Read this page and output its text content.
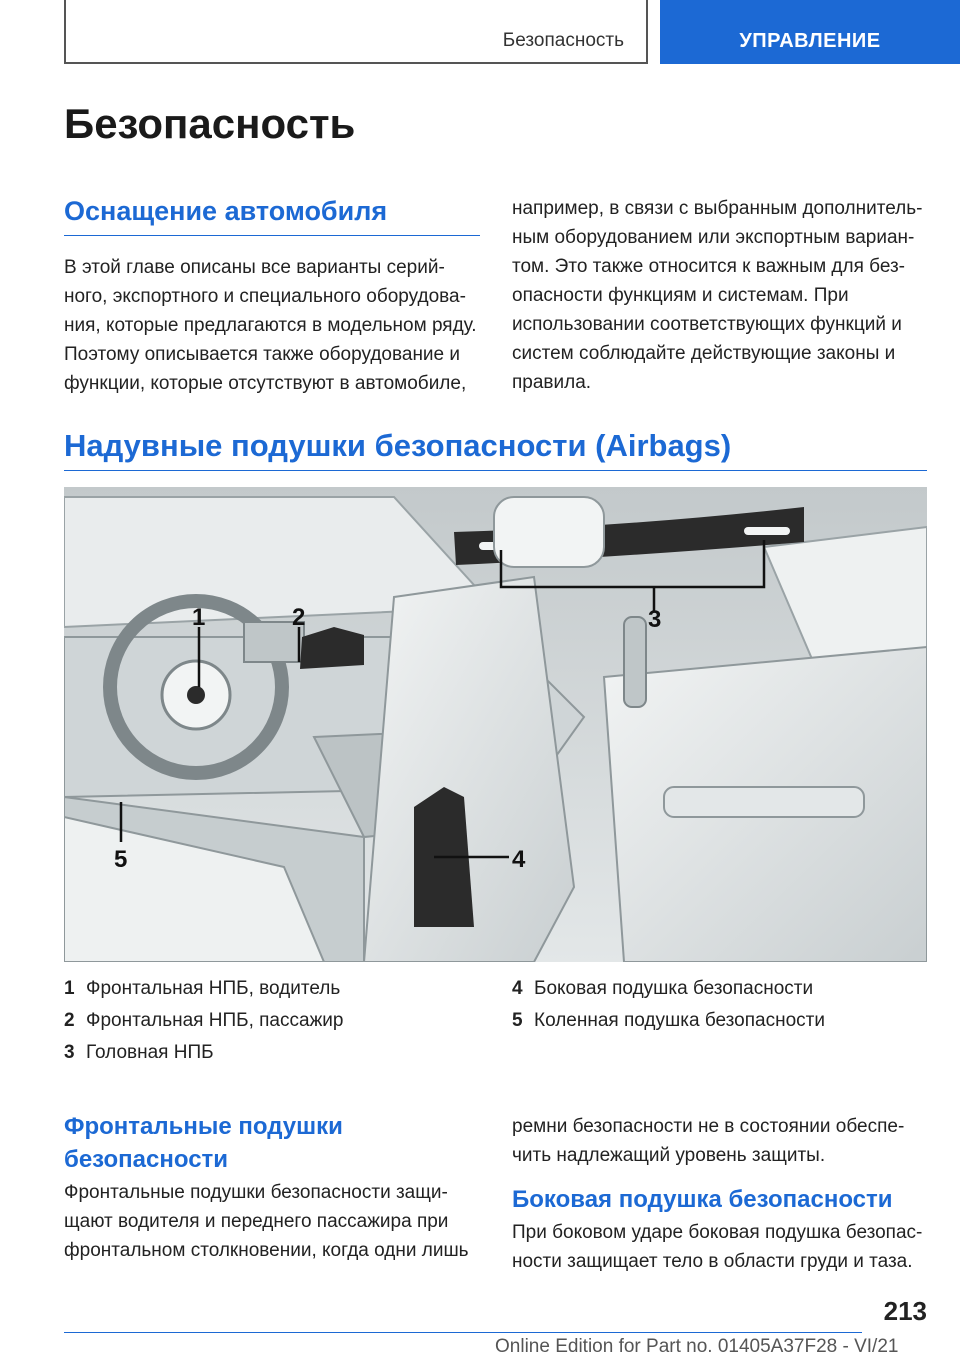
Безопасность	УПРАВЛЕНИЕ
Безопасность
Оснащение автомобиля

В этой главе описаны все варианты серий-ного, экспортного и специального оборудова-ния, которые предлагаются в модельном ряду. Поэтому описывается также оборудование и функции, которые отсутствуют в автомобиле,

например, в связи с выбранным дополнитель-ным оборудованием или экспортным вариан-том. Это также относится к важным для без-опасности функциям и системам. При использовании соответствующих функций и систем соблюдайте действующие законы и правила.

Надувные подушки безопасности (Airbags)
1	2	3
4
5
1 Фронтальная НПБ, водитель
2 Фронтальная НПБ, пассажир
3 Головная НПБ
4 Боковая подушка безопасности
5 Коленная подушка безопасности
Фронтальные подушки безопасности

Фронтальные подушки безопасности защи-щают водителя и переднего пассажира при фронтальном столкновении, когда одни лишь

ремни безопасности не в состоянии обеспе-чить надлежащий уровень защиты.

Боковая подушка безопасности

При боковом ударе боковая подушка безопас-ности защищает тело в области груди и таза.

213
Online Edition for Part no. 01405A37F28 - VI/21
